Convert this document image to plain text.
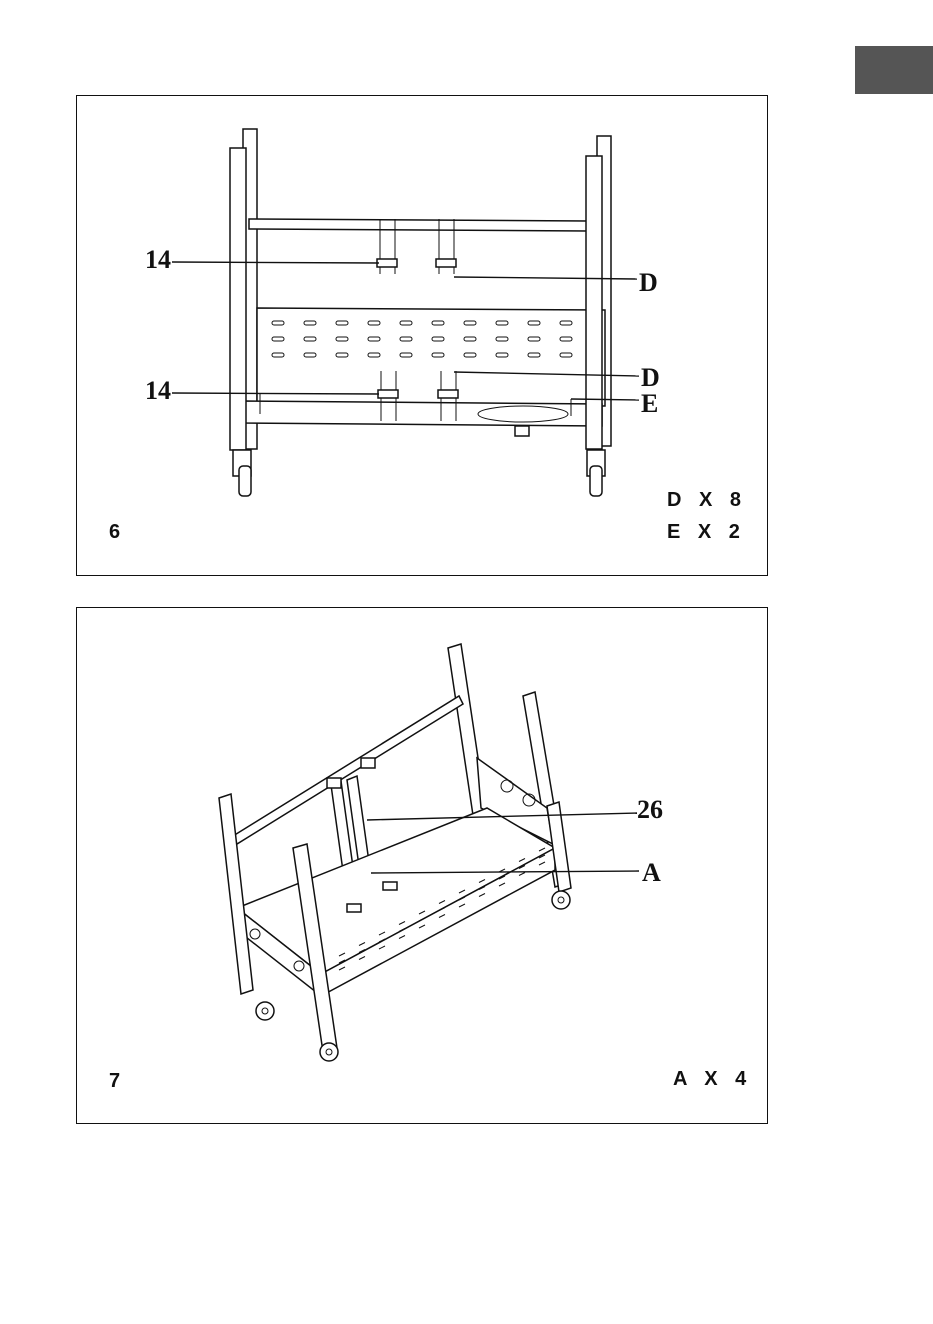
14
D
14	D
E
6
D X 8
E X 2
26
A
7	A X 4
